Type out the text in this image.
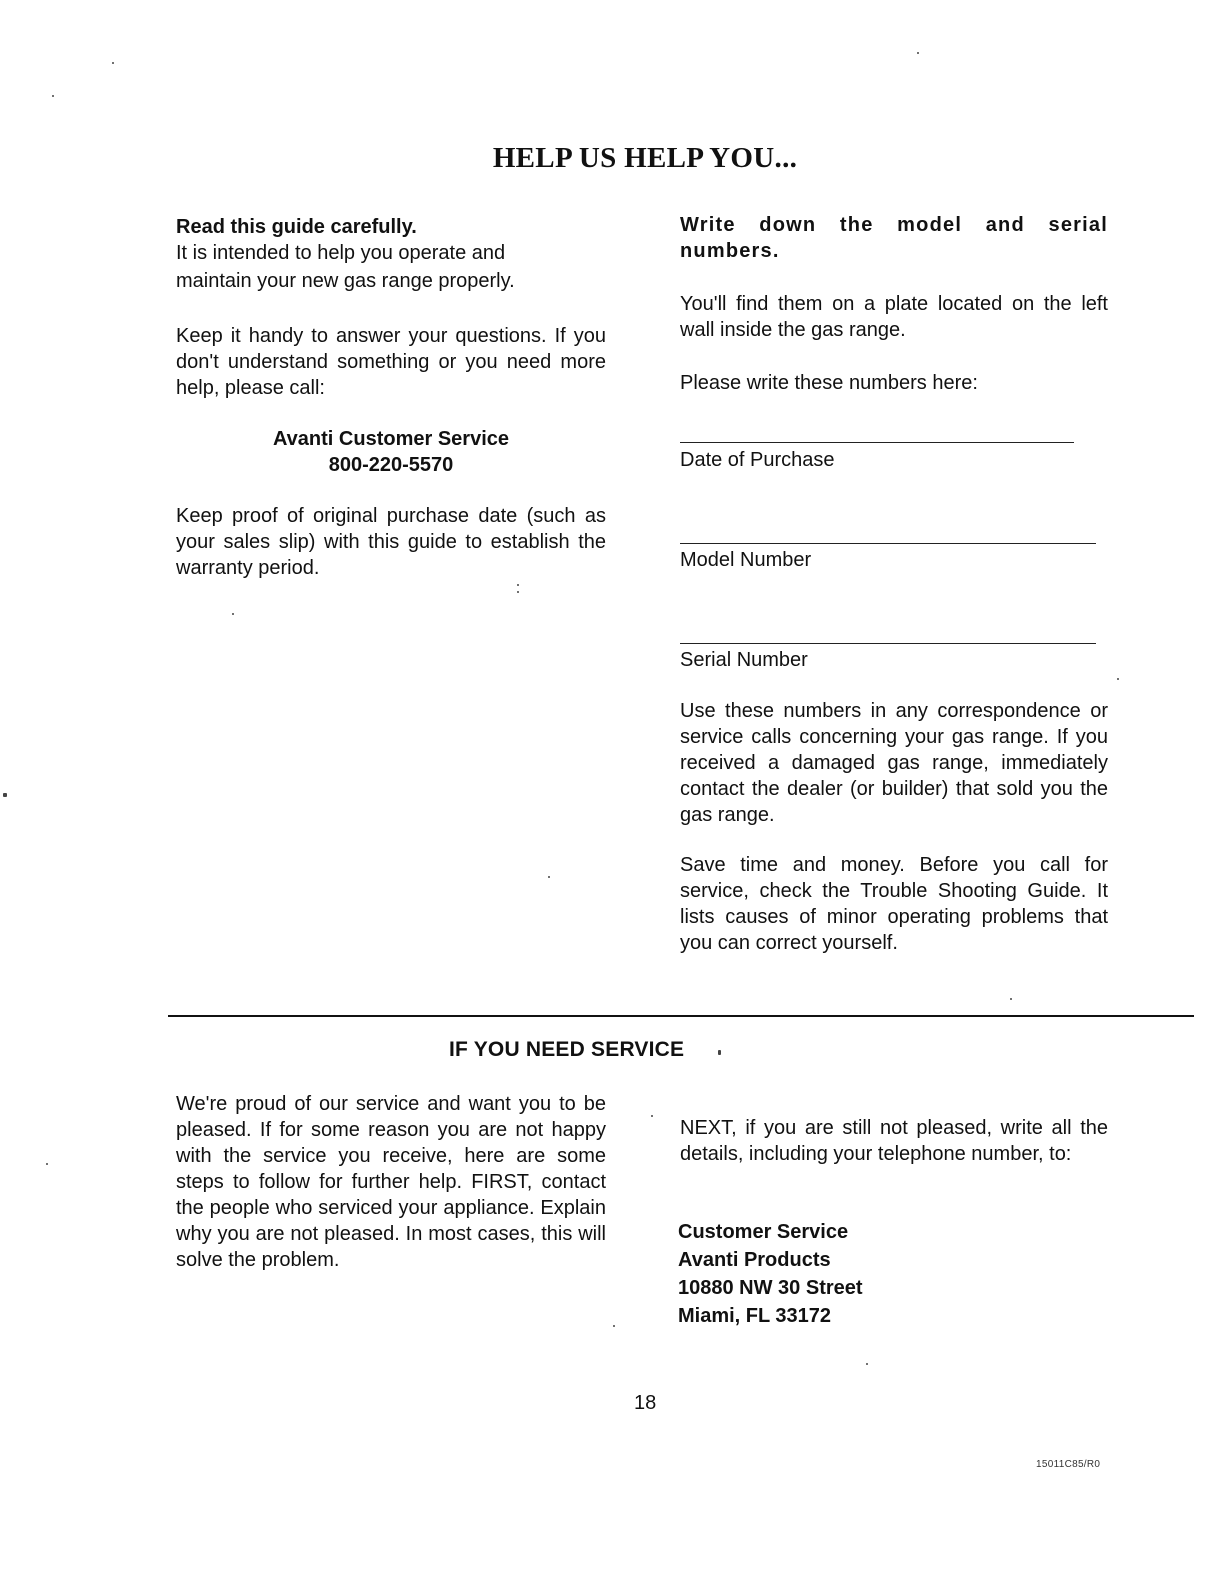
HELP US HELP YOU...

Read this guide carefully.

It is intended to help you operate and

maintain your new gas range properly.

Keep it handy to answer your questions. If you don't understand something or you need more help, please call:

Avanti Customer Service

800-220-5570

Keep proof of original purchase date (such as your sales slip) with this guide to establish the warranty period.
Write down the model and serial numbers.
You'll find them on a plate located on the left wall inside the gas range.
Please write these numbers here:
Date of Purchase
Model Number
Serial Number
Use these numbers in any correspondence or service calls concerning your gas range. If you received a damaged gas range, immediately contact the dealer (or builder) that sold you the gas range.
Save time and money. Before you call for service, check the Trouble Shooting Guide. It lists causes of minor operating problems that you can correct yourself.
IF YOU NEED SERVICE
We're proud of our service and want you to be pleased. If for some reason you are not happy with the service you receive, here are some steps to follow for further help. FIRST, contact the people who serviced your appliance. Explain why you are not pleased. In most cases, this will solve the problem.
NEXT, if you are still not pleased, write all the details, including your telephone number, to:

Customer Service

Avanti Products

10880 NW 30 Street

Miami, FL 33172

18
15011C85/R0
